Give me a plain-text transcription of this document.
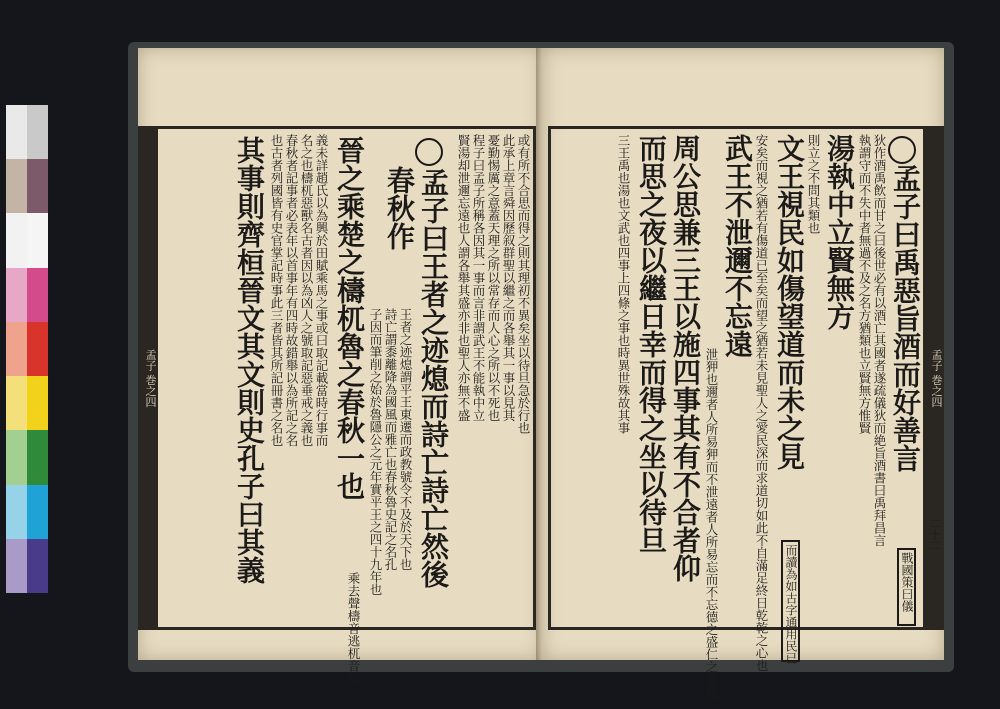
孟子 巻之四	或有所不合思而得之則其理初不異矣坐以待旦急於行也
此承上章言舜因歷叙群聖以繼之而各舉其一事以見其
憂勤惕厲之意蓋天理之所以常存而人心之所以不死也
程子曰孟子所稱各因其一事而言非謂武王不能執中立
賢湯却泄邇忘遠也人謂各舉其盛亦非也聖人亦無不盛
孟子曰王者之迹熄而詩亡詩亡然後
春秋作
王者之迹熄謂平王東遷而政教號令不及於天下也
詩亡謂黍離降為國風而雅亡也春秋魯史記之名孔
子因而筆削之始於魯隱公之元年實平王之四十九年也
晉之乘楚之檮杌魯之春秋一也
乘去聲檮音逃杌音兀
義未詳趙氏以為興於田賦乘馬之事或曰取記載當時行事而
名之也檮杌惡獸名古者因以為凶人之號取記惡垂戒之義也
春秋者記事者必表年以首事年有四時故錯舉以為所記之名
也古者列國皆有史官掌記時事此三者皆其所記冊書之名也
其事則齊桓晉文其文則史孔子曰其義	孟子 巻之四
孟子曰禹惡旨酒而好善言
戰國策曰儀
狄作酒禹飲而甘之曰後世必有以酒亡其國者遂疏儀狄而絶旨酒書曰禹拜昌言
執謂守而不失中者無過不及之名方猶類也立賢無方惟賢
湯執中立賢無方
則立之不問其類也
文王視民如傷望道而未之見
而讀為如古字通用民已
安矣而視之猶若有傷道已至矣而望之猶若未見聖人之愛民深而求道切如此不自滿足終日乾乾之心也
武王不泄邇不忘遠
泄狎也邇者人所易狎而不泄遠者人所易忘而不忘德之盛仁之至也
周公思兼三王以施四事其有不合者仰
而思之夜以繼日幸而得之坐以待旦
三王禹也湯也文武也四事上四條之事也時異世殊故其事
二十二
